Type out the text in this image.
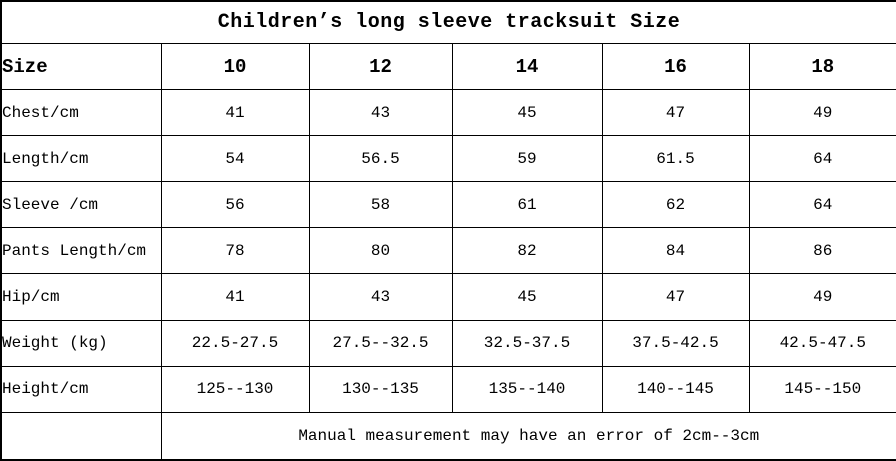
Children’s long sleeve tracksuit Size					
Size	10	12	14	16	18
Chest/cm	41	43	45	47	49
Length/cm	54	56.5	59	61.5	64
Sleeve /cm	56	58	61	62	64
Pants Length/cm	78	80	82	84	86
Hip/cm	41	43	45	47	49
Weight (kg)	22.5-27.5	27.5--32.5	32.5-37.5	37.5-42.5	42.5-47.5
Height/cm	125--130	130--135	135--140	140--145	145--150
	Manual measurement may have an error of 2cm--3cm				
